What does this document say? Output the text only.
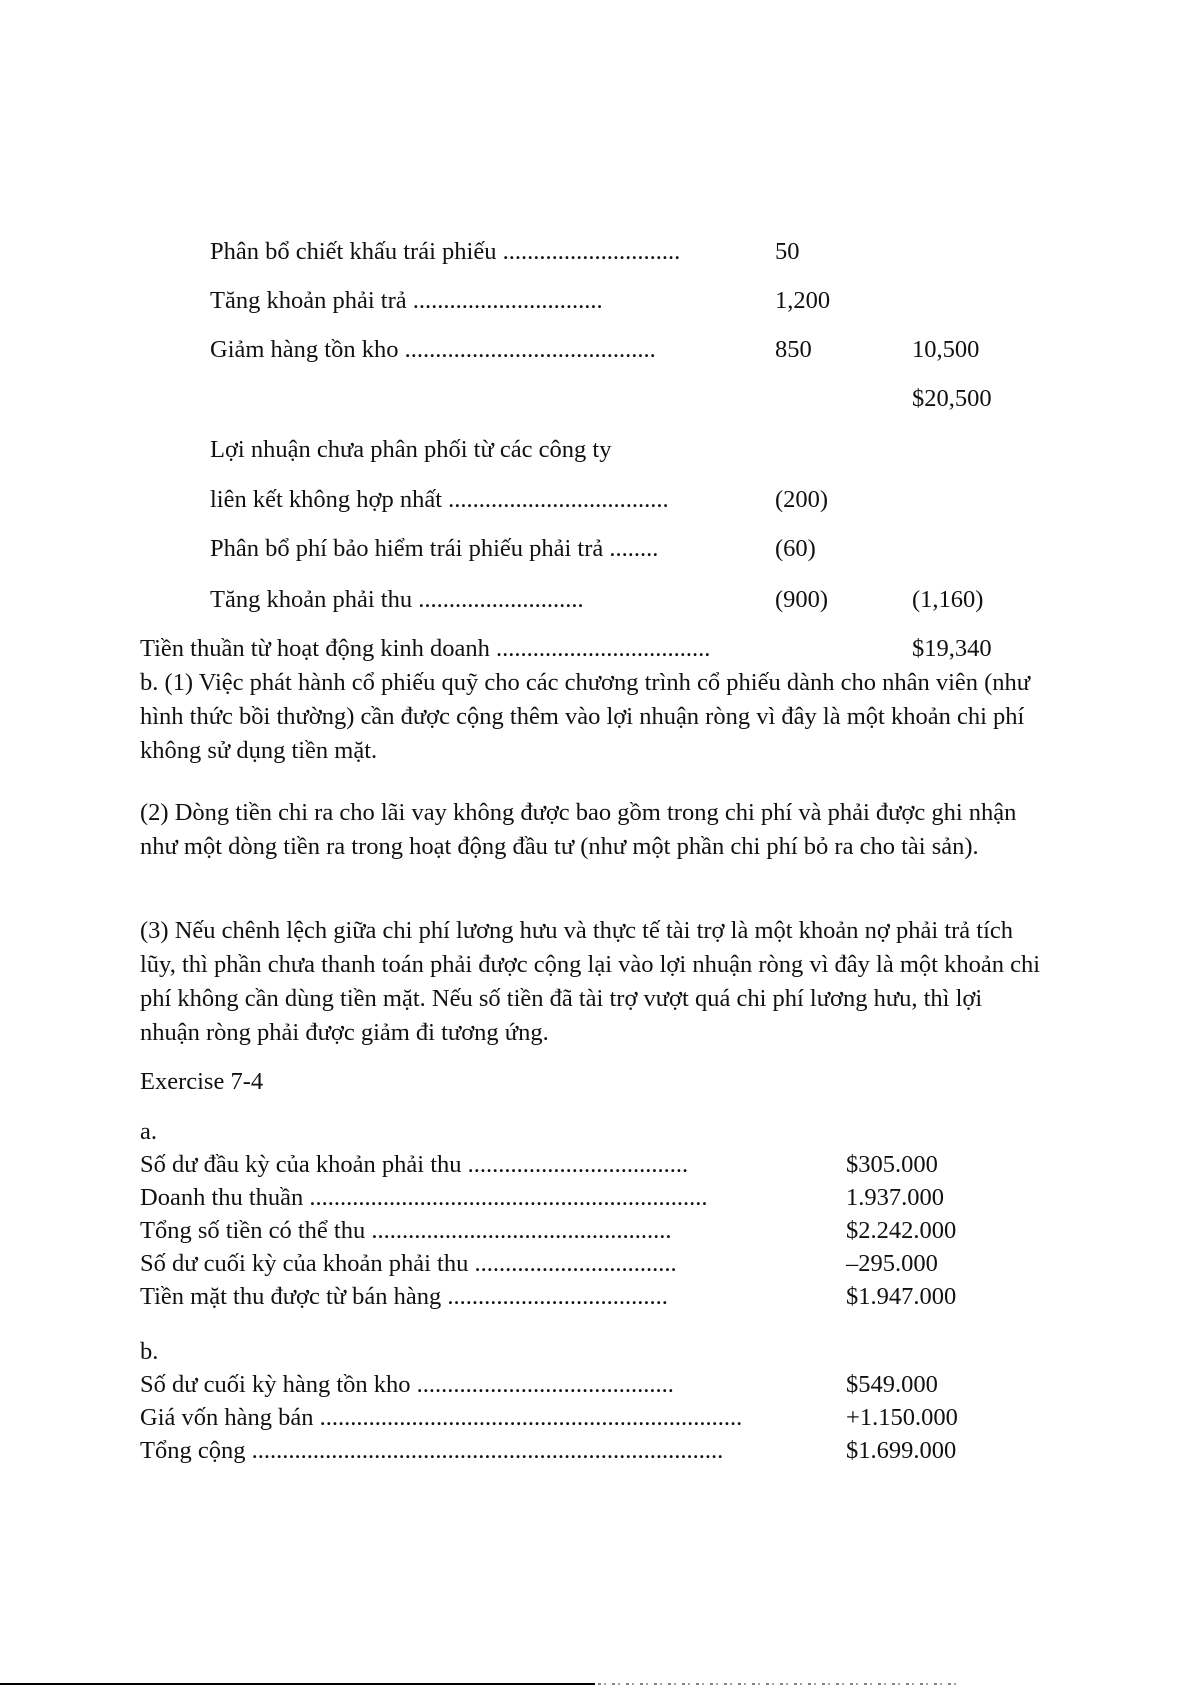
Phân bổ chiết khấu trái phiếu .............................	50
Tăng khoản phải trả ...............................	1,200
Giảm hàng tồn kho .........................................	850	10,500
$20,500
Lợi nhuận chưa phân phối từ các công ty
liên kết không hợp nhất ....................................	(200)
Phân bổ phí bảo hiểm trái phiếu phải trả ........	(60)
Tăng khoản phải thu ...........................	(900)	(1,160)
Tiền thuần từ hoạt động kinh doanh ...................................	$19,340

b. (1) Việc phát hành cổ phiếu quỹ cho các chương trình cổ phiếu dành cho nhân viên (như hình thức bồi thường) cần được cộng thêm vào lợi nhuận ròng vì đây là một khoản chi phí không sử dụng tiền mặt.

(2) Dòng tiền chi ra cho lãi vay không được bao gồm trong chi phí và phải được ghi nhận như một dòng tiền ra trong hoạt động đầu tư (như một phần chi phí bỏ ra cho tài sản).

(3) Nếu chênh lệch giữa chi phí lương hưu và thực tế tài trợ là một khoản nợ phải trả tích lũy, thì phần chưa thanh toán phải được cộng lại vào lợi nhuận ròng vì đây là một khoản chi phí không cần dùng tiền mặt. Nếu số tiền đã tài trợ vượt quá chi phí lương hưu, thì lợi nhuận ròng phải được giảm đi tương ứng.

Exercise 7-4
a.
Số dư đầu kỳ của khoản phải thu ....................................	$305.000
Doanh thu thuần .................................................................	1.937.000
Tổng số tiền có thể thu .................................................	$2.242.000
Số dư cuối kỳ của khoản phải thu .................................	–295.000
Tiền mặt thu được từ bán hàng ....................................	$1.947.000
b.
Số dư cuối kỳ hàng tồn kho ..........................................	$549.000
Giá vốn hàng bán .....................................................................	+1.150.000
Tổng cộng .............................................................................	$1.699.000
